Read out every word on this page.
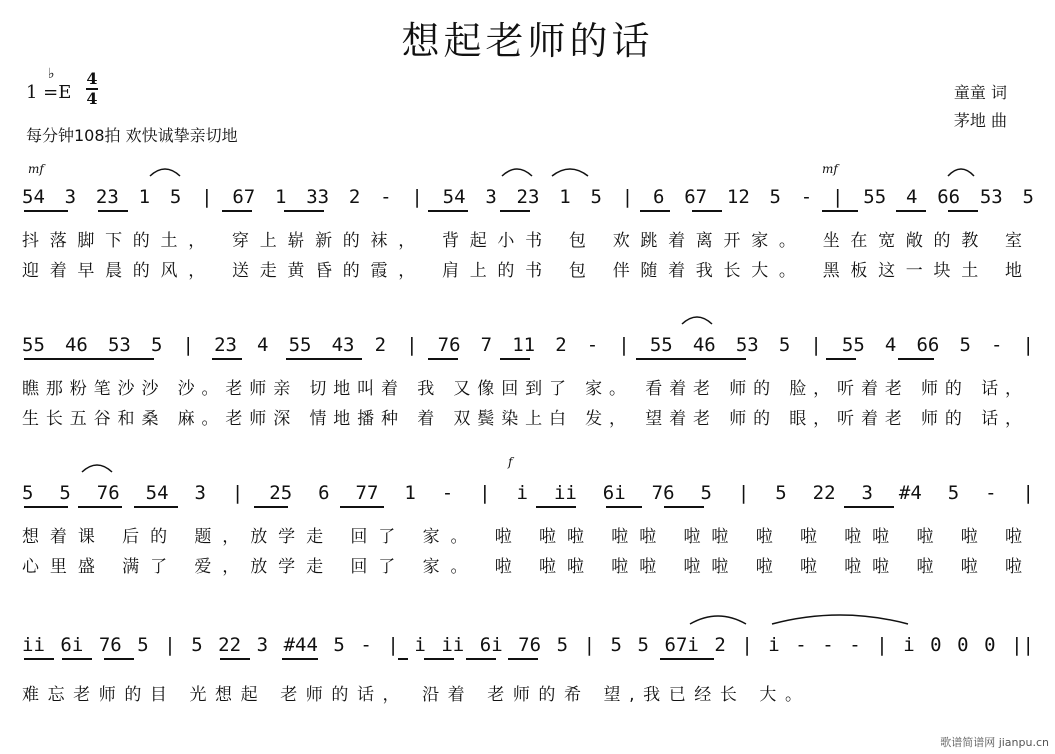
想起老师的话
1 =E
♭ 4
4
每分钟108拍 欢快诚挚亲切地
童童 词
茅地 曲
mf	mf
f
54 3 23 1 5 | 67 1 33 2 - | 54 3 23 1 5 | 6 67 12 5 - | 55 4 66 53 5
抖落脚下的土， 穿上崭新的袜， 背起小书 包 欢跳着离开家。 坐在宽敞的教 室
迎着早晨的风， 送走黄昏的霞， 肩上的书 包 伴随着我长大。 黑板这一块土 地
55 46 53 5 | 23 4 55 43 2 | 76 7 11 2 - | 55 46 53 5 | 55 4 66 5 - |
瞧那粉笔沙沙 沙。老师亲 切地叫着 我 又像回到了 家。 看着老 师的 脸，听着老 师的 话，
生长五谷和桑 麻。老师深 情地播种 着 双鬓染上白 发， 望着老 师的 眼，听着老 师的 话，
5 5 76 54 3 | 25 6 77 1 - | i ii 6i 76 5 | 5 22 3 #4 5 - |
想着课 后的 题，放学走 回了 家。 啦 啦啦 啦啦 啦啦 啦 啦 啦啦 啦 啦 啦
心里盛 满了 爱，放学走 回了 家。 啦 啦啦 啦啦 啦啦 啦 啦 啦啦 啦 啦 啦
ii 6i 76 5 | 5 22 3 #44 5 - | i ii 6i 76 5 | 5 5 67i 2 | i - - - | i 0 0 0 ||
难忘老师的目 光想起 老师的话， 沿着 老师的希 望,我已经长 大。
歌谱简谱网 jianpu.cn
